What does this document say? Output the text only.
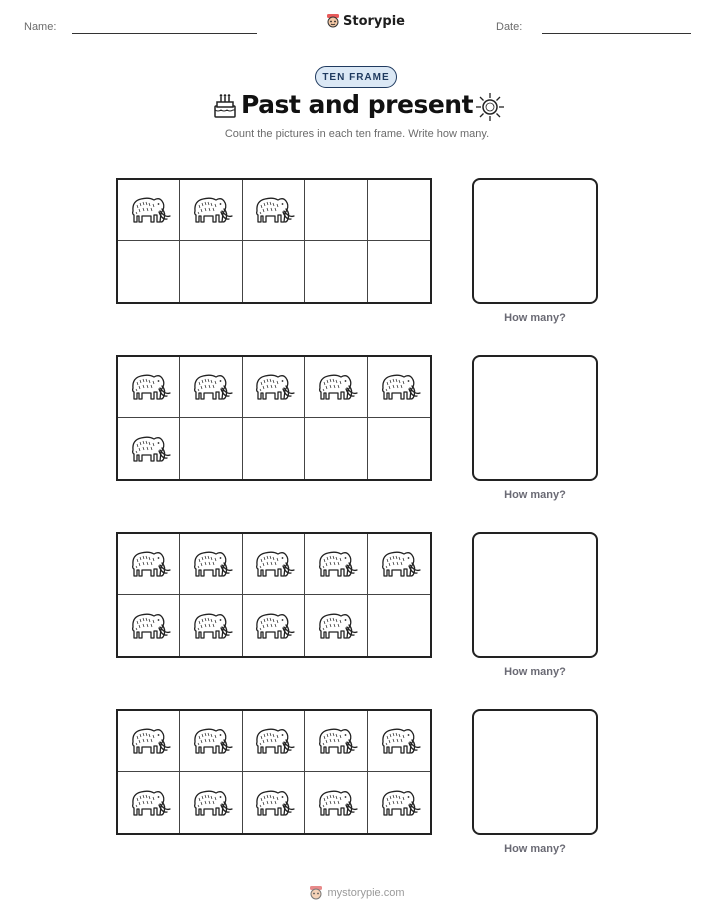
Name:	Storypie	Date:
TEN FRAME
Past and present
Count the pictures in each ten frame. Write how many.
How many?
How many?
How many?
How many?
mystorypie.com
